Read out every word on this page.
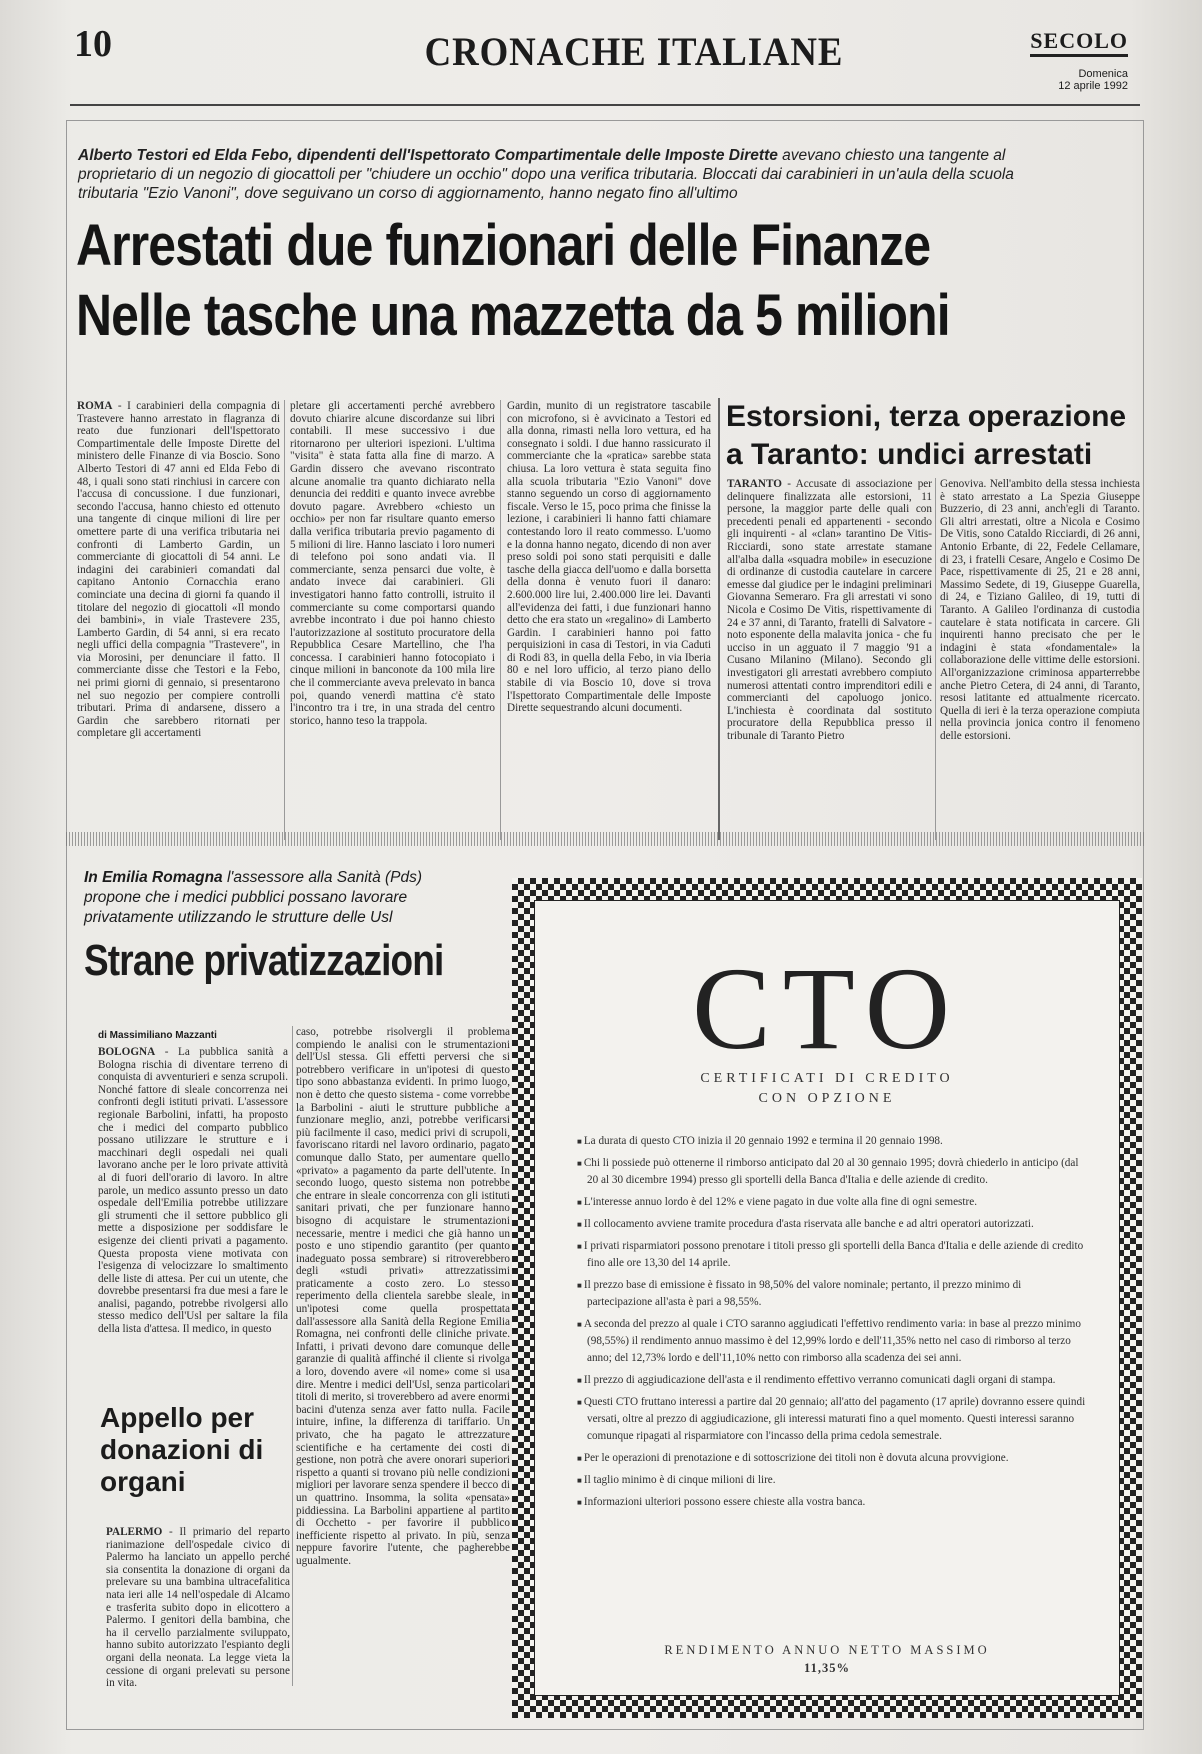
10	CRONACHE ITALIANE	SECOLO
Domenica
12 aprile 1992
Alberto Testori ed Elda Febo, dipendenti dell'Ispettorato Compartimentale delle Imposte Dirette avevano chiesto una tangente al proprietario di un negozio di giocattoli per "chiudere un occhio" dopo una verifica tributaria. Bloccati dai carabinieri in un'aula della scuola tributaria "Ezio Vanoni", dove seguivano un corso di aggiornamento, hanno negato fino all'ultimo
Arrestati due funzionari delle Finanze
Nelle tasche una mazzetta da 5 milioni

ROMA - I carabinieri della compagnia di Trastevere hanno arrestato in flagranza di reato due funzionari dell'Ispettorato Compartimentale delle Imposte Dirette del ministero delle Finanze di via Boscio. Sono Alberto Testori di 47 anni ed Elda Febo di 48, i quali sono stati rinchiusi in carcere con l'accusa di concussione. I due funzionari, secondo l'accusa, hanno chiesto ed ottenuto una tangente di cinque milioni di lire per omettere parte di una verifica tributaria nei confronti di Lamberto Gardin, un commerciante di giocattoli di 54 anni. Le indagini dei carabinieri comandati dal capitano Antonio Cornacchia erano cominciate una decina di giorni fa quando il titolare del negozio di giocattoli «Il mondo dei bambini», in viale Trastevere 235, Lamberto Gardin, di 54 anni, si era recato negli uffici della compagnia "Trastevere", in via Morosini, per denunciare il fatto. Il commerciante disse che Testori e la Febo, nei primi giorni di gennaio, si presentarono nel suo negozio per compiere controlli tributari. Prima di andarsene, dissero a Gardin che sarebbero ritornati per completare gli accertamenti

pletare gli accertamenti perché avrebbero dovuto chiarire alcune discordanze sui libri contabili. Il mese successivo i due ritornarono per ulteriori ispezioni. L'ultima "visita" è stata fatta alla fine di marzo. A Gardin dissero che avevano riscontrato alcune anomalie tra quanto dichiarato nella denuncia dei redditi e quanto invece avrebbe dovuto pagare. Avrebbero «chiesto un occhio» per non far risultare quanto emerso dalla verifica tributaria previo pagamento di 5 milioni di lire. Hanno lasciato i loro numeri di telefono poi sono andati via. Il commerciante, senza pensarci due volte, è andato invece dai carabinieri. Gli investigatori hanno fatto controlli, istruito il commerciante su come comportarsi quando avrebbe incontrato i due poi hanno chiesto l'autorizzazione al sostituto procuratore della Repubblica Cesare Martellino, che l'ha concessa. I carabinieri hanno fotocopiato i cinque milioni in banconote da 100 mila lire che il commerciante aveva prelevato in banca poi, quando venerdì mattina c'è stato l'incontro tra i tre, in una strada del centro storico, hanno teso la trappola.

Gardin, munito di un registratore tascabile con microfono, si è avvicinato a Testori ed alla donna, rimasti nella loro vettura, ed ha consegnato i soldi. I due hanno rassicurato il commerciante che la «pratica» sarebbe stata chiusa. La loro vettura è stata seguita fino alla scuola tributaria "Ezio Vanoni" dove stanno seguendo un corso di aggiornamento fiscale. Verso le 15, poco prima che finisse la lezione, i carabinieri li hanno fatti chiamare contestando loro il reato commesso. L'uomo e la donna hanno negato, dicendo di non aver preso soldi poi sono stati perquisiti e dalle tasche della giacca dell'uomo e dalla borsetta della donna è venuto fuori il danaro: 2.600.000 lire lui, 2.400.000 lire lei. Davanti all'evidenza dei fatti, i due funzionari hanno detto che era stato un «regalino» di Lamberto Gardin. I carabinieri hanno poi fatto perquisizioni in casa di Testori, in via Caduti di Rodi 83, in quella della Febo, in via Iberia 80 e nel loro ufficio, al terzo piano dello stabile di via Boscio 10, dove si trova l'Ispettorato Compartimentale delle Imposte Dirette sequestrando alcuni documenti.

Estorsioni, terza operazione a Taranto: undici arrestati

TARANTO - Accusate di associazione per delinquere finalizzata alle estorsioni, 11 persone, la maggior parte delle quali con precedenti penali ed appartenenti - secondo gli inquirenti - al «clan» tarantino De Vitis-Ricciardi, sono state arrestate stamane all'alba dalla «squadra mobile» in esecuzione di ordinanze di custodia cautelare in carcere emesse dal giudice per le indagini preliminari Giovanna Semeraro. Fra gli arrestati vi sono Nicola e Cosimo De Vitis, rispettivamente di 24 e 37 anni, di Taranto, fratelli di Salvatore - noto esponente della malavita jonica - che fu ucciso in un agguato il 7 maggio '91 a Cusano Milanino (Milano). Secondo gli investigatori gli arrestati avrebbero compiuto numerosi attentati contro imprenditori edili e commercianti del capoluogo jonico. L'inchiesta è coordinata dal sostituto procuratore della Repubblica presso il tribunale di Taranto Pietro

Genoviva. Nell'ambito della stessa inchiesta è stato arrestato a La Spezia Giuseppe Buzzerio, di 23 anni, anch'egli di Taranto. Gli altri arrestati, oltre a Nicola e Cosimo De Vitis, sono Cataldo Ricciardi, di 26 anni, Antonio Erbante, di 22, Fedele Cellamare, di 23, i fratelli Cesare, Angelo e Cosimo De Pace, rispettivamente di 25, 21 e 28 anni, Massimo Sedete, di 19, Giuseppe Guarella, di 24, e Tiziano Galileo, di 19, tutti di Taranto. A Galileo l'ordinanza di custodia cautelare è stata notificata in carcere. Gli inquirenti hanno precisato che per le indagini è stata «fondamentale» la collaborazione delle vittime delle estorsioni. All'organizzazione criminosa apparterrebbe anche Pietro Cetera, di 24 anni, di Taranto, resosi latitante ed attualmente ricercato. Quella di ieri è la terza operazione compiuta nella provincia jonica contro il fenomeno delle estorsioni.

In Emilia Romagna l'assessore alla Sanità (Pds) propone che i medici pubblici possano lavorare privatamente utilizzando le strutture delle Usl
Strane privatizzazioni
di Massimiliano Mazzanti

BOLOGNA - La pubblica sanità a Bologna rischia di diventare terreno di conquista di avventurieri e senza scrupoli. Nonché fattore di sleale concorrenza nei confronti degli istituti privati. L'assessore regionale Barbolini, infatti, ha proposto che i medici del comparto pubblico possano utilizzare le strutture e i macchinari degli ospedali nei quali lavorano anche per le loro private attività al di fuori dell'orario di lavoro. In altre parole, un medico assunto presso un dato ospedale dell'Emilia potrebbe utilizzare gli strumenti che il settore pubblico gli mette a disposizione per soddisfare le esigenze dei clienti privati a pagamento. Questa proposta viene motivata con l'esigenza di velocizzare lo smaltimento delle liste di attesa. Per cui un utente, che dovrebbe presentarsi fra due mesi a fare le analisi, pagando, potrebbe rivolgersi allo stesso medico dell'Usl per saltare la fila della lista d'attesa. Il medico, in questo

caso, potrebbe risolvergli il problema compiendo le analisi con le strumentazioni dell'Usl stessa. Gli effetti perversi che si potrebbero verificare in un'ipotesi di questo tipo sono abbastanza evidenti. In primo luogo, non è detto che questo sistema - come vorrebbe la Barbolini - aiuti le strutture pubbliche a funzionare meglio, anzi, potrebbe verificarsi più facilmente il caso, medici privi di scrupoli, favoriscano ritardi nel lavoro ordinario, pagato comunque dallo Stato, per aumentare quello «privato» a pagamento da parte dell'utente. In secondo luogo, questo sistema non potrebbe che entrare in sleale concorrenza con gli istituti sanitari privati, che per funzionare hanno bisogno di acquistare le strumentazioni necessarie, mentre i medici che già hanno un posto e uno stipendio garantito (per quanto inadeguato possa sembrare) si ritroverebbero degli «studi privati» attrezzatissimi praticamente a costo zero. Lo stesso reperimento della clientela sarebbe sleale, in un'ipotesi come quella prospettata dall'assessore alla Sanità della Regione Emilia Romagna, nei confronti delle cliniche private. Infatti, i privati devono dare comunque delle garanzie di qualità affinché il cliente si rivolga a loro, dovendo avere «il nome» come si usa dire. Mentre i medici dell'Usl, senza particolari titoli di merito, si troverebbero ad avere enormi bacini d'utenza senza aver fatto nulla. Facile intuire, infine, la differenza di tariffario. Un privato, che ha pagato le attrezzature scientifiche e ha certamente dei costi di gestione, non potrà che avere onorari superiori rispetto a quanti si trovano più nelle condizioni migliori per lavorare senza spendere il becco di un quattrino. Insomma, la solita «pensata» piddiessina. La Barbolini appartiene al partito di Occhetto - per favorire il pubblico inefficiente rispetto al privato. In più, senza neppure favorire l'utente, che pagherebbe ugualmente.

Appello per donazioni di organi

PALERMO - Il primario del reparto rianimazione dell'ospedale civico di Palermo ha lanciato un appello perché sia consentita la donazione di organi da prelevare su una bambina ultracefalitica nata ieri alle 14 nell'ospedale di Alcamo e trasferita subito dopo in elicottero a Palermo. I genitori della bambina, che ha il cervello parzialmente sviluppato, hanno subito autorizzato l'espianto degli organi della neonata. La legge vieta la cessione di organi prelevati su persone in vita.

CTO
CERTIFICATI DI CREDITO
CON OPZIONE
■ La durata di questo CTO inizia il 20 gennaio 1992 e termina il 20 gennaio 1998.
■ Chi li possiede può ottenerne il rimborso anticipato dal 20 al 30 gennaio 1995; dovrà chiederlo in anticipo (dal 20 al 30 dicembre 1994) presso gli sportelli della Banca d'Italia e delle aziende di credito.
■ L'interesse annuo lordo è del 12% e viene pagato in due volte alla fine di ogni semestre.
■ Il collocamento avviene tramite procedura d'asta riservata alle banche e ad altri operatori autorizzati.
■ I privati risparmiatori possono prenotare i titoli presso gli sportelli della Banca d'Italia e delle aziende di credito fino alle ore 13,30 del 14 aprile.
■ Il prezzo base di emissione è fissato in 98,50% del valore nominale; pertanto, il prezzo minimo di partecipazione all'asta è pari a 98,55%.
■ A seconda del prezzo al quale i CTO saranno aggiudicati l'effettivo rendimento varia: in base al prezzo minimo (98,55%) il rendimento annuo massimo è del 12,99% lordo e dell'11,35% netto nel caso di rimborso al terzo anno; del 12,73% lordo e dell'11,10% netto con rimborso alla scadenza dei sei anni.
■ Il prezzo di aggiudicazione dell'asta e il rendimento effettivo verranno comunicati dagli organi di stampa.
■ Questi CTO fruttano interessi a partire dal 20 gennaio; all'atto del pagamento (17 aprile) dovranno essere quindi versati, oltre al prezzo di aggiudicazione, gli interessi maturati fino a quel momento. Questi interessi saranno comunque ripagati al risparmiatore con l'incasso della prima cedola semestrale.
■ Per le operazioni di prenotazione e di sottoscrizione dei titoli non è dovuta alcuna provvigione.
■ Il taglio minimo è di cinque milioni di lire.
■ Informazioni ulteriori possono essere chieste alla vostra banca.
RENDIMENTO ANNUO NETTO MASSIMO
11,35%
